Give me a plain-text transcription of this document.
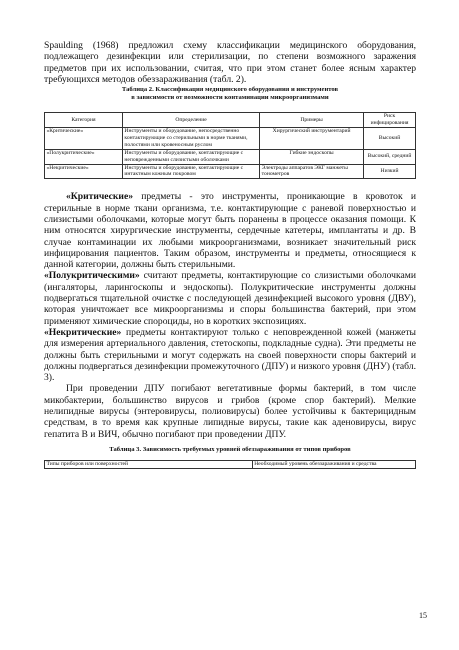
Spaulding (1968) предложил схему классификации медицинского оборудования, подлежащего дезинфекции или стерилизации, по степени возможного заражения предметов при их использовании, считая, что при этом станет более ясным характер требующихся методов обеззараживания (табл. 2).

Таблица 2. Классификация медицинского оборудования и инструментов

в зависимости от возможности контаминации микроорганизмами

Категория	Определение	Примеры	Риск инфицирования
«Критические»	Инструменты и оборудование, непосредственно контактирующие со стерильными в норме тканями, полостями или кровеносным руслом	Хирургический инструментарий	Высокий
«Полукритические»	Инструменты и оборудование, контактирующие с неповрежденными слизистыми оболочками	Гибкие эндоскопы	Высокий, средний
«Некритические»	Инструменты и оборудование, контактирующие с интактным кожным покровом	Электроды аппаратов ЭКГ манжеты тонометров	Низкий

«Критические» предметы - это инструменты, проникающие в кровоток и стерильные в норме ткани организма, т.е. контактирующие с раневой поверхностью и слизистыми оболочками, которые могут быть поранены в процессе оказания помощи. К ним относятся хирургические инструменты, сердечные катетеры, имплантаты и др. В случае контаминации их любыми микроорганизмами, возникает значительный риск инфицирования пациентов. Таким образом, инструменты и предметы, относящиеся к данной категории, должны быть стерильными.

«Полукритическими» считают предметы, контактирующие со слизистыми оболочками (ингаляторы, ларингоскопы и эндоскопы). Полукритические инструменты должны подвергаться тщательной очистке с последующей дезинфекцией высокого уровня (ДВУ), которая уничтожает все микроорганизмы и споры большинства бактерий, при этом применяют химические спороциды, но в коротких экспозициях.

«Некритические» предметы контактируют только с неповрежденной кожей (манжеты для измерения артериального давления, стетоскопы, подкладные судна). Эти предметы не должны быть стерильными и могут содержать на своей поверхности споры бактерий и должны подвергаться дезинфекции промежуточного (ДПУ) и низкого уровня (ДНУ) (табл. 3).

При проведении ДПУ погибают вегетативные формы бактерий, в том числе микобактерии, большинство вирусов и грибов (кроме спор бактерий). Мелкие нелипидные вирусы (энтеровирусы, полиовирусы) более устойчивы к бактерицидным средствам, в то время как крупные липидные вирусы, такие как аденовирусы, вирус гепатита В и ВИЧ, обычно погибают при проведении ДПУ.

Таблица 3. Зависимость требуемых уровней обеззараживания от типов приборов

Типы приборов или поверхностей	Необходимый уровень обеззараживания и средства
15
